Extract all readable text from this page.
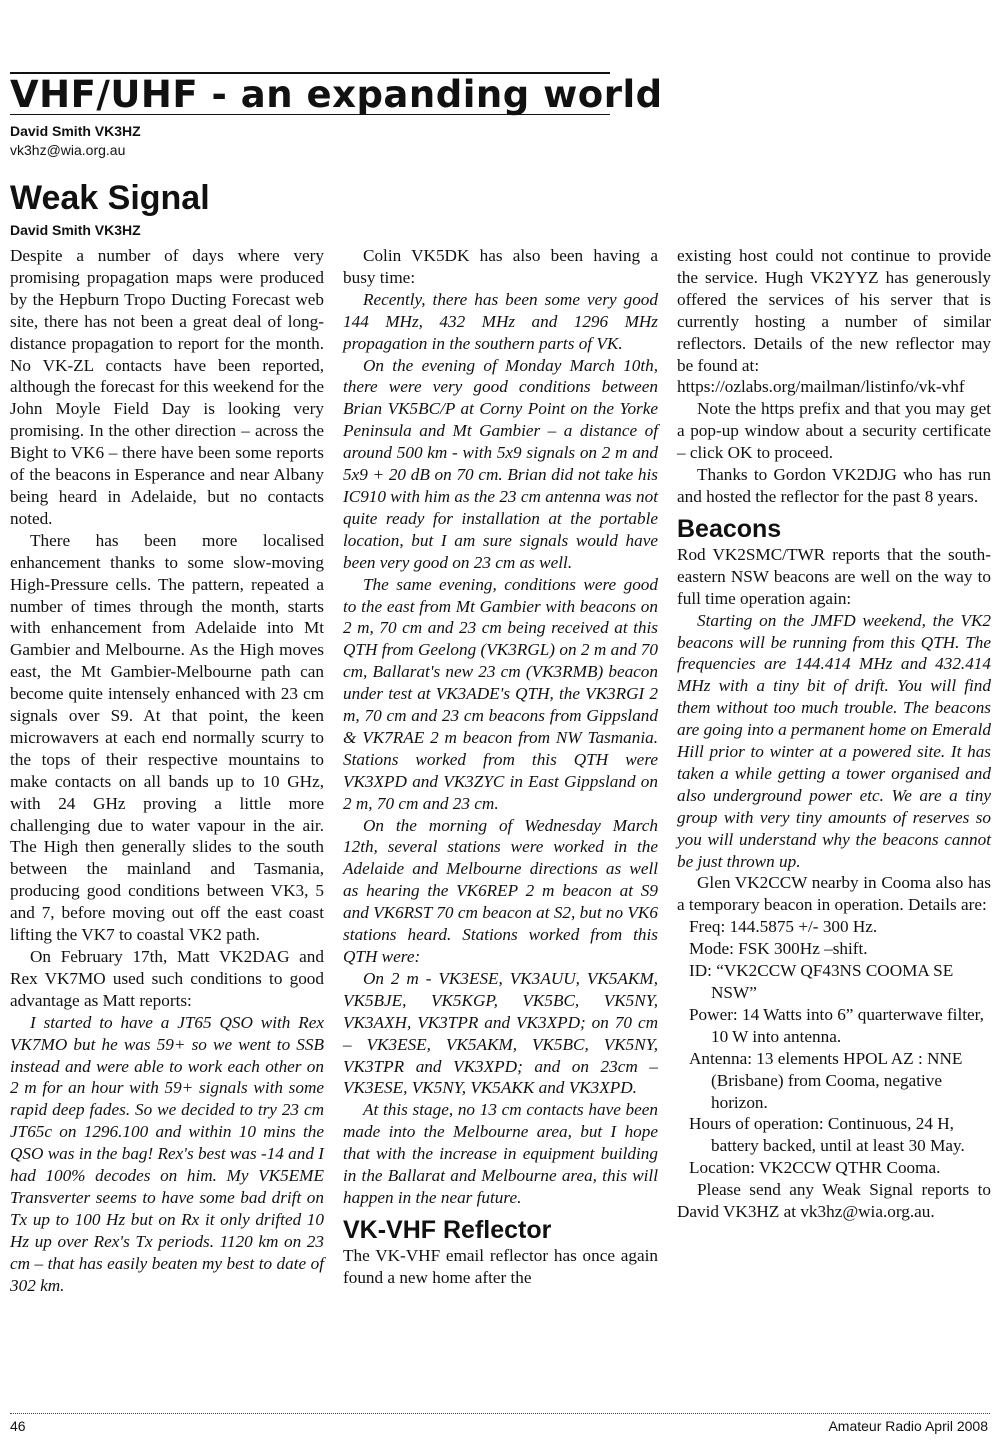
VHF/UHF - an expanding world
David Smith VK3HZ
vk3hz@wia.org.au
Weak Signal
David Smith VK3HZ

Despite a number of days where very promising propagation maps were produced by the Hepburn Tropo Ducting Forecast web site, there has not been a great deal of long-distance propagation to report for the month. No VK-ZL contacts have been reported, although the forecast for this weekend for the John Moyle Field Day is looking very promising. In the other direction – across the Bight to VK6 – there have been some reports of the beacons in Esperance and near Albany being heard in Adelaide, but no contacts noted.

There has been more localised enhancement thanks to some slow-moving High-Pressure cells. The pattern, repeated a number of times through the month, starts with enhancement from Adelaide into Mt Gambier and Melbourne. As the High moves east, the Mt Gambier-Melbourne path can become quite intensely enhanced with 23 cm signals over S9. At that point, the keen microwavers at each end normally scurry to the tops of their respective mountains to make contacts on all bands up to 10 GHz, with 24 GHz proving a little more challenging due to water vapour in the air. The High then generally slides to the south between the mainland and Tasmania, producing good conditions between VK3, 5 and 7, before moving out off the east coast lifting the VK7 to coastal VK2 path.

On February 17th, Matt VK2DAG and Rex VK7MO used such conditions to good advantage as Matt reports:

I started to have a JT65 QSO with Rex VK7MO but he was 59+ so we went to SSB instead and were able to work each other on 2 m for an hour with 59+ signals with some rapid deep fades. So we decided to try 23 cm JT65c on 1296.100 and within 10 mins the QSO was in the bag! Rex's best was -14 and I had 100% decodes on him. My VK5EME Transverter seems to have some bad drift on Tx up to 100 Hz but on Rx it only drifted 10 Hz up over Rex's Tx periods. 1120 km on 23 cm – that has easily beaten my best to date of 302 km.

Colin VK5DK has also been having a busy time:

Recently, there has been some very good 144 MHz, 432 MHz and 1296 MHz propagation in the southern parts of VK.

On the evening of Monday March 10th, there were very good conditions between Brian VK5BC/P at Corny Point on the Yorke Peninsula and Mt Gambier – a distance of around 500 km - with 5x9 signals on 2 m and 5x9 + 20 dB on 70 cm. Brian did not take his IC910 with him as the 23 cm antenna was not quite ready for installation at the portable location, but I am sure signals would have been very good on 23 cm as well.

The same evening, conditions were good to the east from Mt Gambier with beacons on 2 m, 70 cm and 23 cm being received at this QTH from Geelong (VK3RGL) on 2 m and 70 cm, Ballarat's new 23 cm (VK3RMB) beacon under test at VK3ADE's QTH, the VK3RGI 2 m, 70 cm and 23 cm beacons from Gippsland & VK7RAE 2 m beacon from NW Tasmania. Stations worked from this QTH were VK3XPD and VK3ZYC in East Gippsland on 2 m, 70 cm and 23 cm.

On the morning of Wednesday March 12th, several stations were worked in the Adelaide and Melbourne directions as well as hearing the VK6REP 2 m beacon at S9 and VK6RST 70 cm beacon at S2, but no VK6 stations heard. Stations worked from this QTH were:

On 2 m - VK3ESE, VK3AUU, VK5AKM, VK5BJE, VK5KGP, VK5BC, VK5NY, VK3AXH, VK3TPR and VK3XPD; on 70 cm – VK3ESE, VK5AKM, VK5BC, VK5NY, VK3TPR and VK3XPD; and on 23cm – VK3ESE, VK5NY, VK5AKK and VK3XPD.

At this stage, no 13 cm contacts have been made into the Melbourne area, but I hope that with the increase in equipment building in the Ballarat and Melbourne area, this will happen in the near future.

VK-VHF Reflector

The VK-VHF email reflector has once again found a new home after the

existing host could not continue to provide the service. Hugh VK2YYZ has generously offered the services of his server that is currently hosting a number of similar reflectors. Details of the new reflector may be found at:

https://ozlabs.org/mailman/listinfo/vk-vhf

Note the https prefix and that you may get a pop-up window about a security certificate – click OK to proceed.

Thanks to Gordon VK2DJG who has run and hosted the reflector for the past 8 years.

Beacons

Rod VK2SMC/TWR reports that the south-eastern NSW beacons are well on the way to full time operation again:

Starting on the JMFD weekend, the VK2 beacons will be running from this QTH. The frequencies are 144.414 MHz and 432.414 MHz with a tiny bit of drift. You will find them without too much trouble. The beacons are going into a permanent home on Emerald Hill prior to winter at a powered site. It has taken a while getting a tower organised and also underground power etc. We are a tiny group with very tiny amounts of reserves so you will understand why the beacons cannot be just thrown up.

Glen VK2CCW nearby in Cooma also has a temporary beacon in operation. Details are:

Freq: 144.5875 +/- 300 Hz.

Mode: FSK 300Hz –shift.

ID: “VK2CCW QF43NS COOMA SE NSW”

Power: 14 Watts into 6” quarterwave filter, 10 W into antenna.

Antenna: 13 elements HPOL AZ : NNE (Brisbane) from Cooma, negative horizon.

Hours of operation: Continuous, 24 H, battery backed, until at least 30 May.

Location: VK2CCW QTHR Cooma.

Please send any Weak Signal reports to David VK3HZ at vk3hz@wia.org.au.

46	Amateur Radio April 2008
